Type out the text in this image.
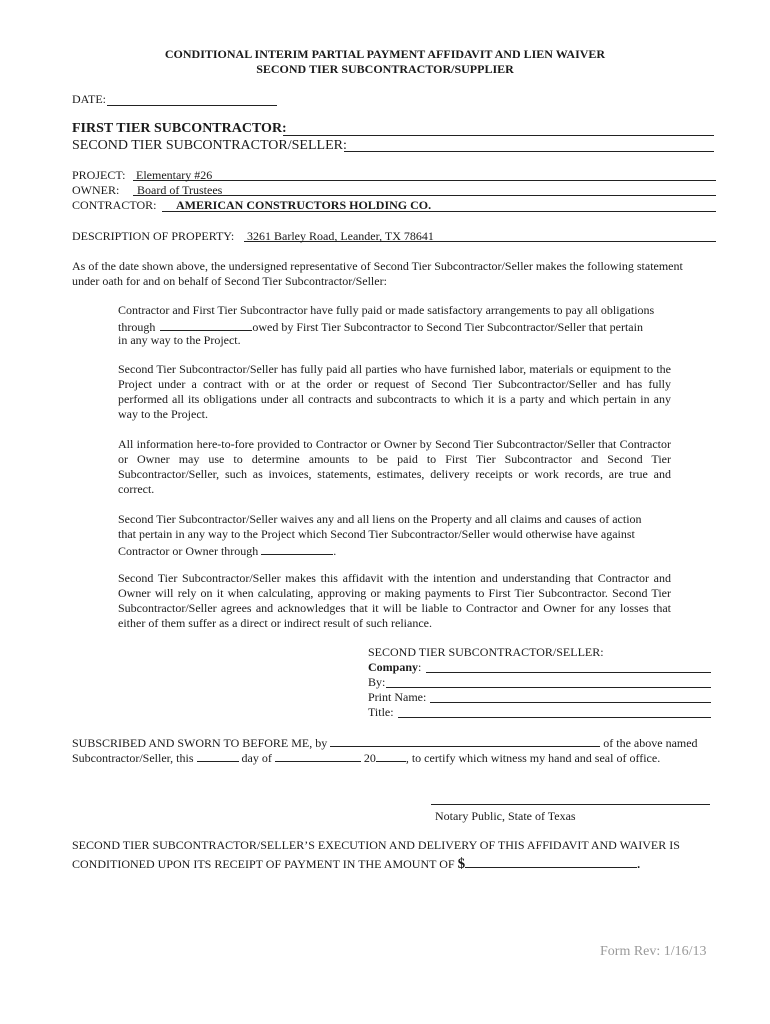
CONDITIONAL INTERIM PARTIAL PAYMENT AFFIDAVIT AND LIEN WAIVER
SECOND TIER SUBCONTRACTOR/SUPPLIER
DATE:
FIRST TIER SUBCONTRACTOR:
SECOND TIER SUBCONTRACTOR/SELLER:
PROJECT: Elementary #26
OWNER: Board of Trustees
CONTRACTOR: AMERICAN CONSTRUCTORS HOLDING CO.
DESCRIPTION OF PROPERTY: 3261 Barley Road, Leander, TX 78641
As of the date shown above, the undersigned representative of Second Tier Subcontractor/Seller makes the following statement
under oath for and on behalf of Second Tier Subcontractor/Seller:
Contractor and First Tier Subcontractor have fully paid or made satisfactory arrangements to pay all obligations
through	owed by First Tier Subcontractor to Second Tier Subcontractor/Seller that pertain
in any way to the Project.
Second Tier Subcontractor/Seller has fully paid all parties who have furnished labor, materials or equipment to the Project under a contract with or at the order or request of Second Tier Subcontractor/Seller and has fully performed all its obligations under all contracts and subcontracts to which it is a party and which pertain in any way to the Project.
All information here-to-fore provided to Contractor or Owner by Second Tier Subcontractor/Seller that Contractor or Owner may use to determine amounts to be paid to First Tier Subcontractor and Second Tier Subcontractor/Seller, such as invoices, statements, estimates, delivery receipts or work records, are true and correct.
Second Tier Subcontractor/Seller waives any and all liens on the Property and all claims and causes of action
that pertain in any way to the Project which Second Tier Subcontractor/Seller would otherwise have against
Contractor or Owner through	.
Second Tier Subcontractor/Seller makes this affidavit with the intention and understanding that Contractor and Owner will rely on it when calculating, approving or making payments to First Tier Subcontractor. Second Tier Subcontractor/Seller agrees and acknowledges that it will be liable to Contractor and Owner for any losses that either of them suffer as a direct or indirect result of such reliance.
SECOND TIER SUBCONTRACTOR/SELLER:
Company:
By:
Print Name:
Title:
SUBSCRIBED AND SWORN TO BEFORE ME, by	of the above named
Subcontractor/Seller, this	day of	20	, to certify which witness my hand and seal of office.
Notary Public, State of Texas
SECOND TIER SUBCONTRACTOR/SELLER’S EXECUTION AND DELIVERY OF THIS AFFIDAVIT AND WAIVER IS
CONDITIONED UPON ITS RECEIPT OF PAYMENT IN THE AMOUNT OF $	.
Form Rev: 1/16/13
